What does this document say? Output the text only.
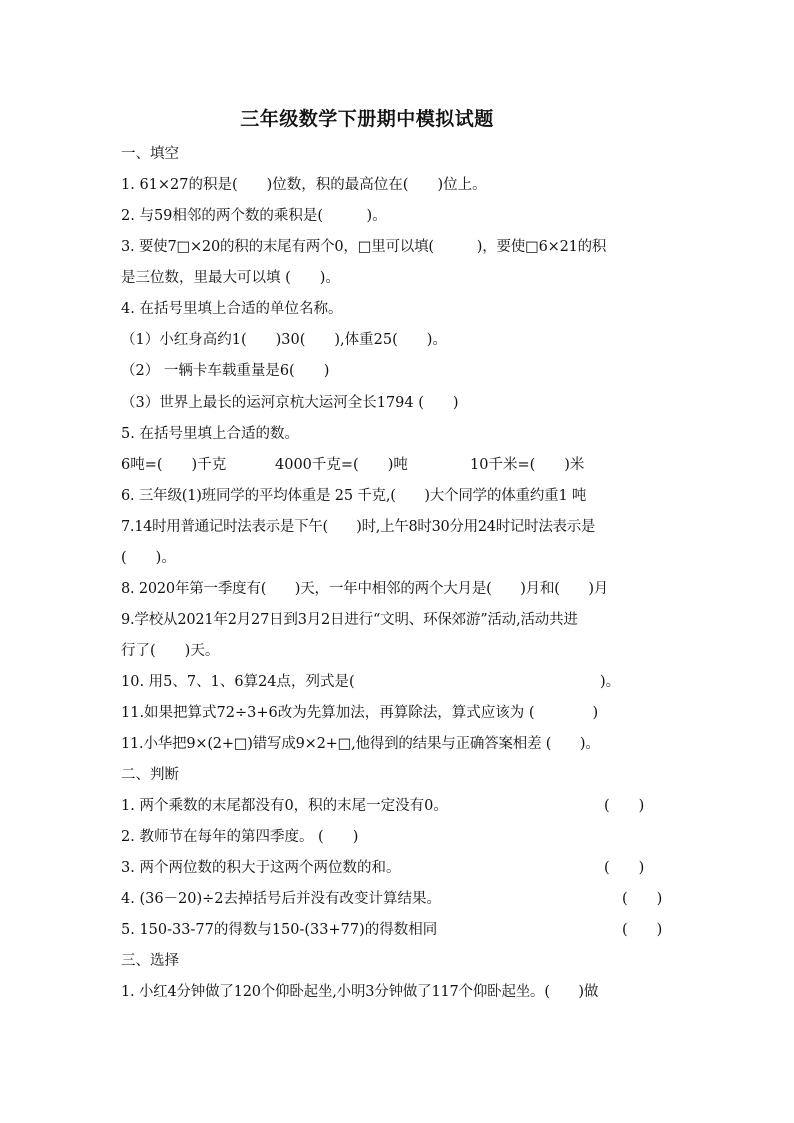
三年级数学下册期中模拟试题
一、填空
1. 61×27的积是(　　)位数，积的最高位在(　　)位上。
2. 与59相邻的两个数的乘积是(　　　)。
3. 要使7□×20的积的末尾有两个0，□里可以填(　　　)，要使□6×21的积
是三位数，里最大可以填 (　　)。
4. 在括号里填上合适的单位名称。
（1）小红身高约1(　　)30(　　),体重25(　　)。
（2） 一辆卡车载重量是6(　　)
（3）世界上最长的运河京杭大运河全长1794 (　　)
5. 在括号里填上合适的数。
6吨=(　　)千克	4000千克=(　　)吨	10千米=(　　)米
6. 三年级(1)班同学的平均体重是 25 千克,(　　)大个同学的体重约重1 吨
7.14时用普通记时法表示是下午(　　)时,上午8时30分用24时记时法表示是
(　　)。
8. 2020年第一季度有(　　)天，一年中相邻的两个大月是(　　)月和(　　)月
9.学校从2021年2月27日到3月2日进行“文明、环保郊游”活动,活动共进
行了(　　)天。
10. 用5、7、1、6算24点，列式是(	)。
11.如果把算式72÷3+6改为先算加法，再算除法，算式应该为 (　　　　)
11.小华把9×(2+□)错写成9×2+□,他得到的结果与正确答案相差 (　　)。
二、判断
1. 两个乘数的末尾都没有0，积的末尾一定没有0。	(　　)
2. 教师节在每年的第四季度。 (　　)
3. 两个两位数的积大于这两个两位数的和。	(　　)
4. (36－20)÷2去掉括号后并没有改变计算结果。	(　　)
5. 150-33-77的得数与150-(33+77)的得数相同	(　　)
三、选择
1. 小红4分钟做了120个仰卧起坐,小明3分钟做了117个仰卧起坐。(　　)做
